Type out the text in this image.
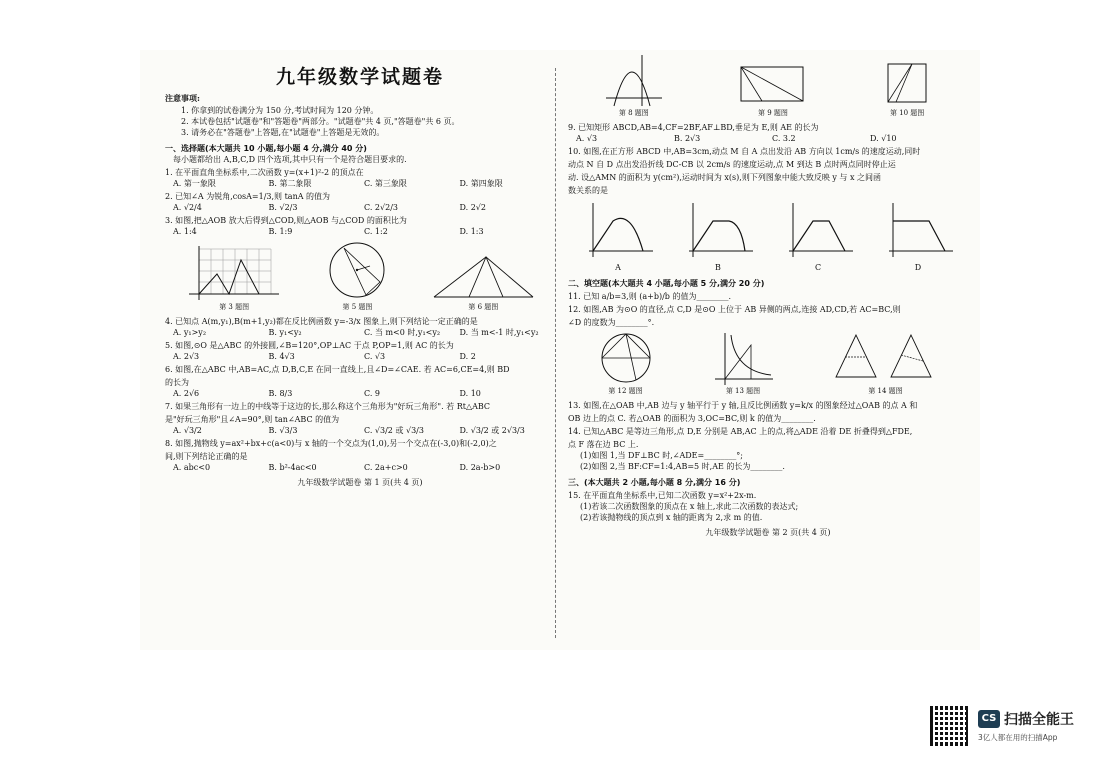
九年级数学试题卷
注意事项:
1. 你拿到的试卷满分为 150 分,考试时间为 120 分钟。
2. 本试卷包括"试题卷"和"答题卷"两部分。"试题卷"共 4 页,"答题卷"共 6 页。
3. 请务必在"答题卷"上答题,在"试题卷"上答题是无效的。
一、选择题(本大题共 10 小题,每小题 4 分,满分 40 分)
每小题都给出 A,B,C,D 四个选项,其中只有一个是符合题目要求的.
1. 在平面直角坐标系中,二次函数 y=(x+1)²-2 的顶点在
A. 第一象限	B. 第二象限	C. 第三象限	D. 第四象限
2. 已知∠A 为锐角,cosA=1/3,则 tanA 的值为
A. √2/4	B. √2/3	C. 2√2/3	D. 2√2
3. 如图,把△AOB 放大后得到△COD,则△AOB 与△COD 的面积比为
A. 1:4	B. 1:9	C. 1:2	D. 1:3
第 3 题图	第 5 题图	第 6 题图
4. 已知点 A(m,y₁),B(m+1,y₂)都在反比例函数 y=-3/x 图象上,则下列结论一定正确的是
A. y₁>y₂	B. y₁<y₂	C. 当 m<0 时,y₁<y₂	D. 当 m<-1 时,y₁<y₂
5. 如图,⊙O 是△ABC 的外接圆,∠B=120°,OP⊥AC 于点 P,OP=1,则 AC 的长为
A. 2√3	B. 4√3	C. √3	D. 2
6. 如图,在△ABC 中,AB=AC,点 D,B,C,E 在同一直线上,且∠D=∠CAE. 若 AC=6,CE=4,则 BD
的长为
A. 2√6	B. 8/3	C. 9	D. 10
7. 如果三角形有一边上的中线等于这边的长,那么称这个三角形为"好玩三角形". 若 Rt△ABC
是"好玩三角形"且∠A=90°,则 tan∠ABC 的值为
A. √3/2	B. √3/3	C. √3/2 或 √3/3	D. √3/2 或 2√3/3
8. 如图,抛物线 y=ax²+bx+c(a<0)与 x 轴的一个交点为(1,0),另一个交点在(-3,0)和(-2,0)之
间,则下列结论正确的是
A. abc<0	B. b²-4ac<0	C. 2a+c>0	D. 2a-b>0
九年级数学试题卷 第 1 页(共 4 页)
第 8 题图	第 9 题图	第 10 题图
9. 已知矩形 ABCD,AB=4,CF=2BF,AF⊥BD,垂足为 E,则 AE 的长为
A. √3	B. 2√3	C. 3.2	D. √10
10. 如图,在正方形 ABCD 中,AB=3cm,动点 M 自 A 点出发沿 AB 方向以 1cm/s 的速度运动,同时
动点 N 自 D 点出发沿折线 DC-CB 以 2cm/s 的速度运动,点 M 到达 B 点时两点同时停止运
动. 设△AMN 的面积为 y(cm²),运动时间为 x(s),则下列图象中能大致反映 y 与 x 之间函
数关系的是
A	B	C	D
二、填空题(本大题共 4 小题,每小题 5 分,满分 20 分)
11. 已知 a/b=3,则 (a+b)/b 的值为________.
12. 如图,AB 为⊙O 的直径,点 C,D 是⊙O 上位于 AB 异侧的两点,连接 AD,CD,若 AC=BC,则
∠D 的度数为________°.
第 12 题图	第 13 题图	第 14 题图
13. 如图,在△OAB 中,AB 边与 y 轴平行于 y 轴,且反比例函数 y=k/x 的图象经过△OAB 的点 A 和
OB 边上的点 C. 若△OAB 的面积为 3,OC=BC,则 k 的值为________.
14. 已知△ABC 是等边三角形,点 D,E 分别是 AB,AC 上的点,将△ADE 沿着 DE 折叠得到△FDE,
点 F 落在边 BC 上.
(1)如图 1,当 DF⊥BC 时,∠ADE=________°;
(2)如图 2,当 BF:CF=1:4,AB=5 时,AE 的长为________.
三、(本大题共 2 小题,每小题 8 分,满分 16 分)
15. 在平面直角坐标系中,已知二次函数 y=x²+2x-m.
(1)若该二次函数图象的顶点在 x 轴上,求此二次函数的表达式;
(2)若该抛物线的顶点到 x 轴的距离为 2,求 m 的值.
九年级数学试题卷 第 2 页(共 4 页)
CS 扫描全能王
3亿人都在用的扫描App
